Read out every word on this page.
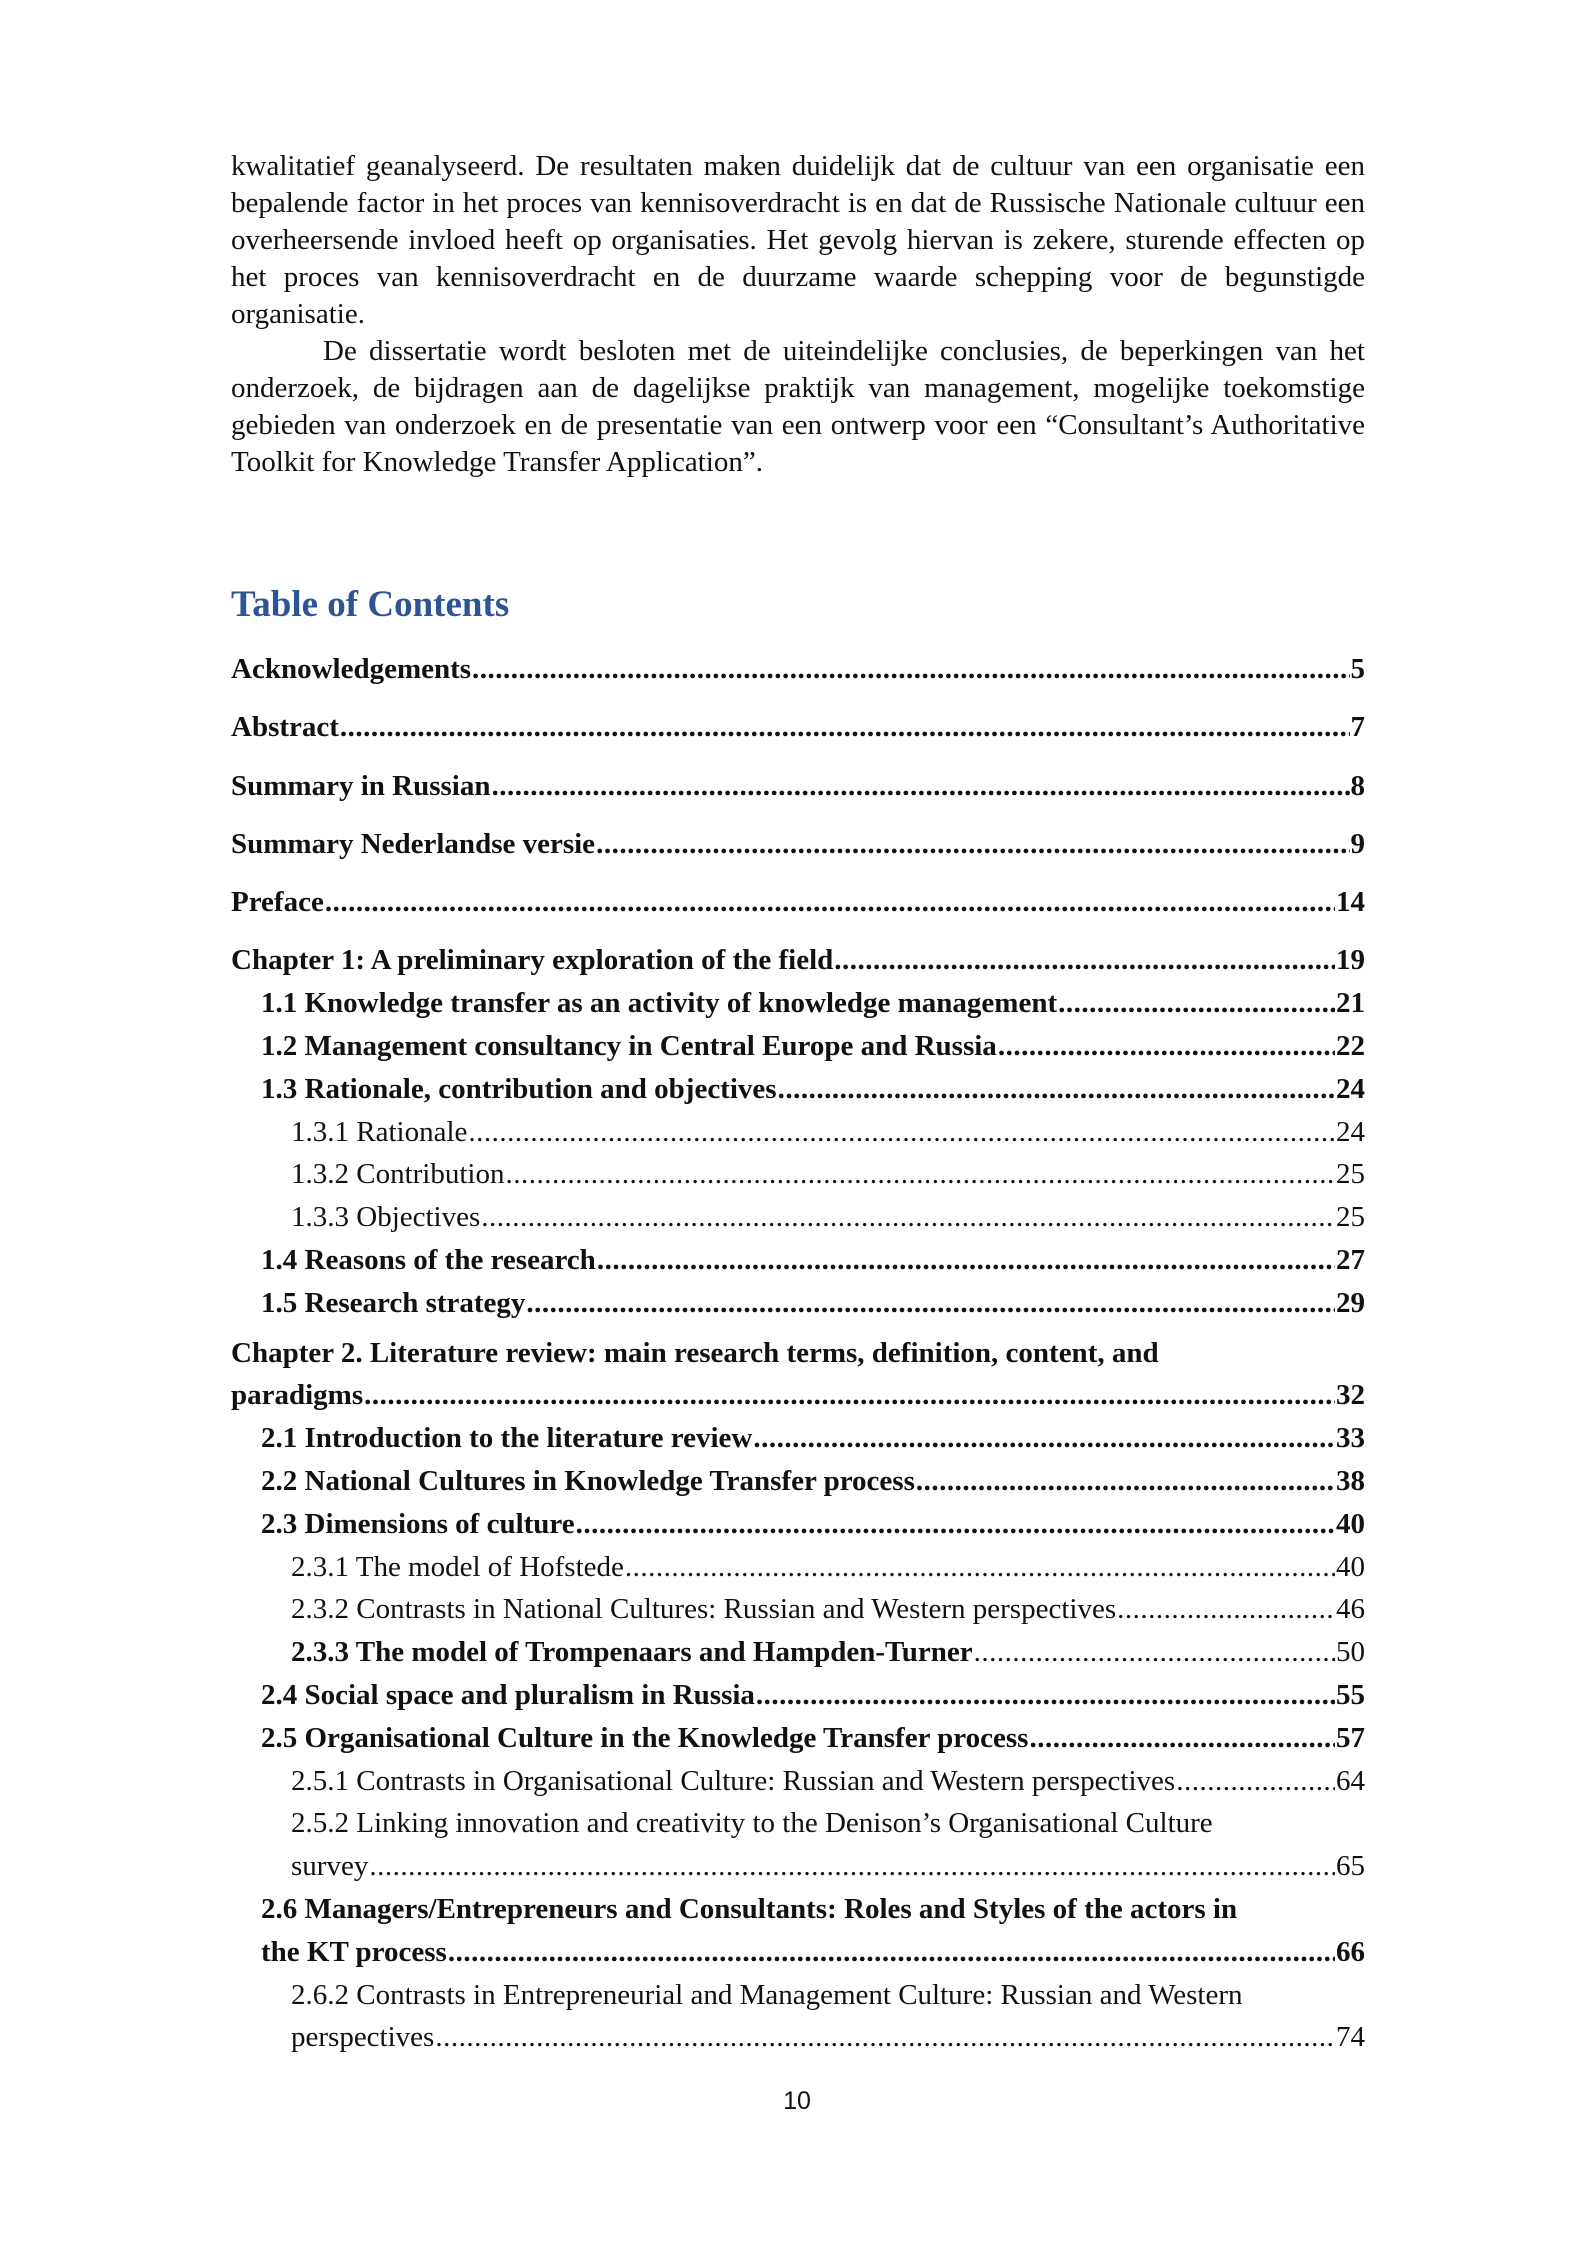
kwalitatief geanalyseerd. De resultaten maken duidelijk dat de cultuur van een organisatie een bepalende factor in het proces van kennisoverdracht is en dat de Russische Nationale cultuur een overheersende invloed heeft op organisaties. Het gevolg hiervan is zekere, sturende effecten op het proces van kennisoverdracht en de duurzame waarde schepping voor de begunstigde organisatie.

De dissertatie wordt besloten met de uiteindelijke conclusies, de beperkingen van het onderzoek, de bijdragen aan de dagelijkse praktijk van management, mogelijke toekomstige gebieden van onderzoek en de presentatie van een ontwerp voor een “Consultant’s Authoritative Toolkit for Knowledge Transfer Application”.

Table of Contents
Acknowledgements .....	5
Abstract .....	7
Summary in Russian .....	8
Summary Nederlandse versie .....	9
Preface .....	14
Chapter 1: A preliminary exploration of the field .....	19
1.1 Knowledge transfer as an activity of knowledge management .....	21
1.2 Management consultancy in Central Europe and Russia .....	22
1.3 Rationale, contribution and objectives .....	24
1.3.1 Rationale .....	24
1.3.2 Contribution .....	25
1.3.3 Objectives .....	25
1.4 Reasons of the research .....	27
1.5 Research strategy .....	29
Chapter 2. Literature review: main research terms, definition, content, and
paradigms .....	32
2.1 Introduction to the literature review .....	33
2.2 National Cultures in Knowledge Transfer process .....	38
2.3 Dimensions of culture .....	40
2.3.1 The model of Hofstede .....	40
2.3.2 Contrasts in National Cultures: Russian and Western perspectives .....	46
2.3.3 The model of Trompenaars and Hampden-Turner .....	50
2.4 Social space and pluralism in Russia .....	55
2.5 Organisational Culture in the Knowledge Transfer process .....	57
2.5.1 Contrasts in Organisational Culture: Russian and Western perspectives .....	64
2.5.2 Linking innovation and creativity to the Denison’s Organisational Culture
survey .....	65
2.6 Managers/Entrepreneurs and Consultants: Roles and Styles of the actors in
the KT process .....	66
2.6.2 Contrasts in Entrepreneurial and Management Culture: Russian and Western
perspectives .....	74
10
